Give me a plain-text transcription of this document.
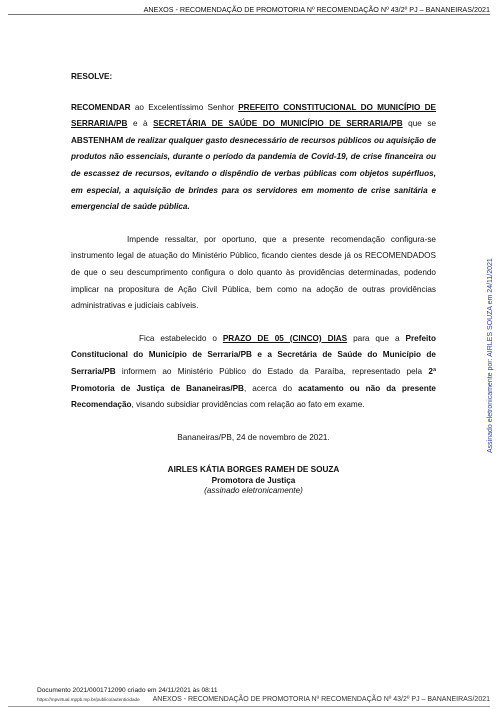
ANEXOS - RECOMENDAÇÃO DE PROMOTORIA Nº RECOMENDAÇÃO Nº 43/2º PJ – BANANEIRAS/2021

RESOLVE:

RECOMENDAR ao Excelentíssimo Senhor PREFEITO CONSTITUCIONAL DO MUNICÍPIO DE SERRARIA/PB e à SECRETÁRIA DE SAÚDE DO MUNICÍPIO DE SERRARIA/PB que se ABSTENHAM de realizar qualquer gasto desnecessário de recursos públicos ou aquisição de produtos não essenciais, durante o período da pandemia de Covid-19, de crise financeira ou de escassez de recursos, evitando o dispêndio de verbas públicas com objetos supérfluos, em especial, a aquisição de brindes para os servidores em momento de crise sanitária e emergencial de saúde pública.

Impende ressaltar, por oportuno, que a presente recomendação configura-se instrumento legal de atuação do Ministério Público, ficando cientes desde já os RECOMENDADOS de que o seu descumprimento configura o dolo quanto às providências determinadas, podendo implicar na propositura de Ação Civil Pública, bem como na adoção de outras providências administrativas e judiciais cabíveis.

Fica estabelecido o PRAZO DE 05 (CINCO) DIAS para que a Prefeito Constitucional do Município de Serraria/PB e a Secretária de Saúde do Município de Serraria/PB informem ao Ministério Público do Estado da Paraíba, representado pela 2ª Promotoria de Justiça de Bananeiras/PB, acerca do acatamento ou não da presente Recomendação, visando subsidiar providências com relação ao fato em exame.

Bananeiras/PB, 24 de novembro de 2021.

AIRLES KÁTIA BORGES RAMEH DE SOUZA
Promotora de Justiça
(assinado eletronicamente)
Assinado eletronicamente por: AIRLES SOUZA em 24/11/2021
Documento 2021/0001712090 criado em 24/11/2021 às 08:11
https://mpvirtual.mppb.mp.br/publico/autenticidade	ANEXOS - RECOMENDAÇÃO DE PROMOTORIA Nº RECOMENDAÇÃO Nº 43/2º PJ – BANANEIRAS/2021
